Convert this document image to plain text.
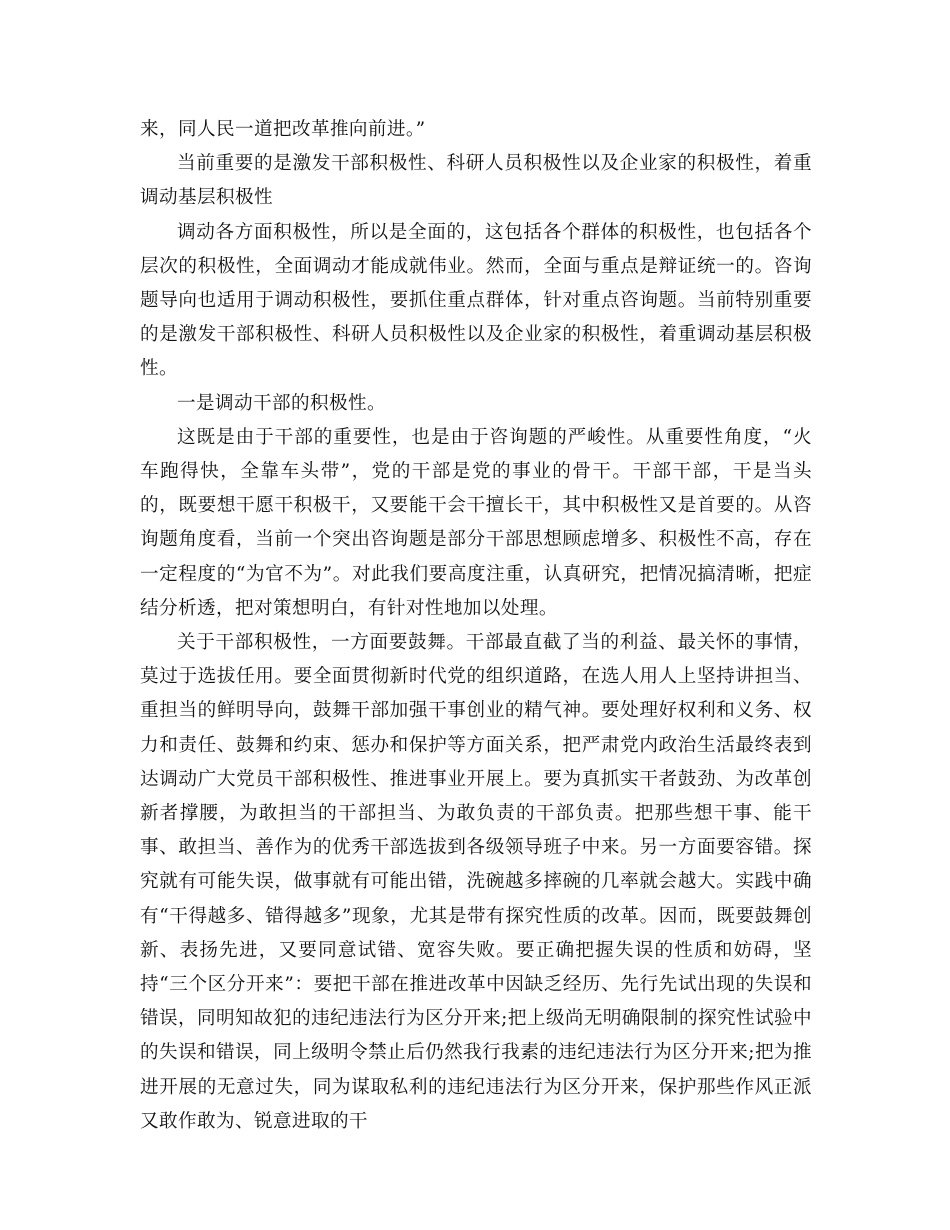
来，同人民一道把改革推向前进。”

当前重要的是激发干部积极性、科研人员积极性以及企业家的积极性，着重调动基层积极性

调动各方面积极性，所以是全面的，这包括各个群体的积极性，也包括各个层次的积极性，全面调动才能成就伟业。然而，全面与重点是辩证统一的。咨询题导向也适用于调动积极性，要抓住重点群体，针对重点咨询题。当前特别重要的是激发干部积极性、科研人员积极性以及企业家的积极性，着重调动基层积极性。

一是调动干部的积极性。

这既是由于干部的重要性，也是由于咨询题的严峻性。从重要性角度，“火车跑得快，全靠车头带”，党的干部是党的事业的骨干。干部干部，干是当头的，既要想干愿干积极干，又要能干会干擅长干，其中积极性又是首要的。从咨询题角度看，当前一个突出咨询题是部分干部思想顾虑增多、积极性不高，存在一定程度的“为官不为”。对此我们要高度注重，认真研究，把情况搞清晰，把症结分析透，把对策想明白，有针对性地加以处理。

关于干部积极性，一方面要鼓舞。干部最直截了当的利益、最关怀的事情，莫过于选拔任用。要全面贯彻新时代党的组织道路，在选人用人上坚持讲担当、重担当的鲜明导向，鼓舞干部加强干事创业的精气神。要处理好权利和义务、权力和责任、鼓舞和约束、惩办和保护等方面关系，把严肃党内政治生活最终表到达调动广大党员干部积极性、推进事业开展上。要为真抓实干者鼓劲、为改革创新者撑腰，为敢担当的干部担当、为敢负责的干部负责。把那些想干事、能干事、敢担当、善作为的优秀干部选拔到各级领导班子中来。另一方面要容错。探究就有可能失误，做事就有可能出错，洗碗越多摔碗的几率就会越大。实践中确有“干得越多、错得越多”现象，尤其是带有探究性质的改革。因而，既要鼓舞创新、表扬先进，又要同意试错、宽容失败。要正确把握失误的性质和妨碍，坚持“三个区分开来”：要把干部在推进改革中因缺乏经历、先行先试出现的失误和错误，同明知故犯的违纪违法行为区分开来;把上级尚无明确限制的探究性试验中的失误和错误，同上级明令禁止后仍然我行我素的违纪违法行为区分开来;把为推进开展的无意过失，同为谋取私利的违纪违法行为区分开来，保护那些作风正派又敢作敢为、锐意进取的干
